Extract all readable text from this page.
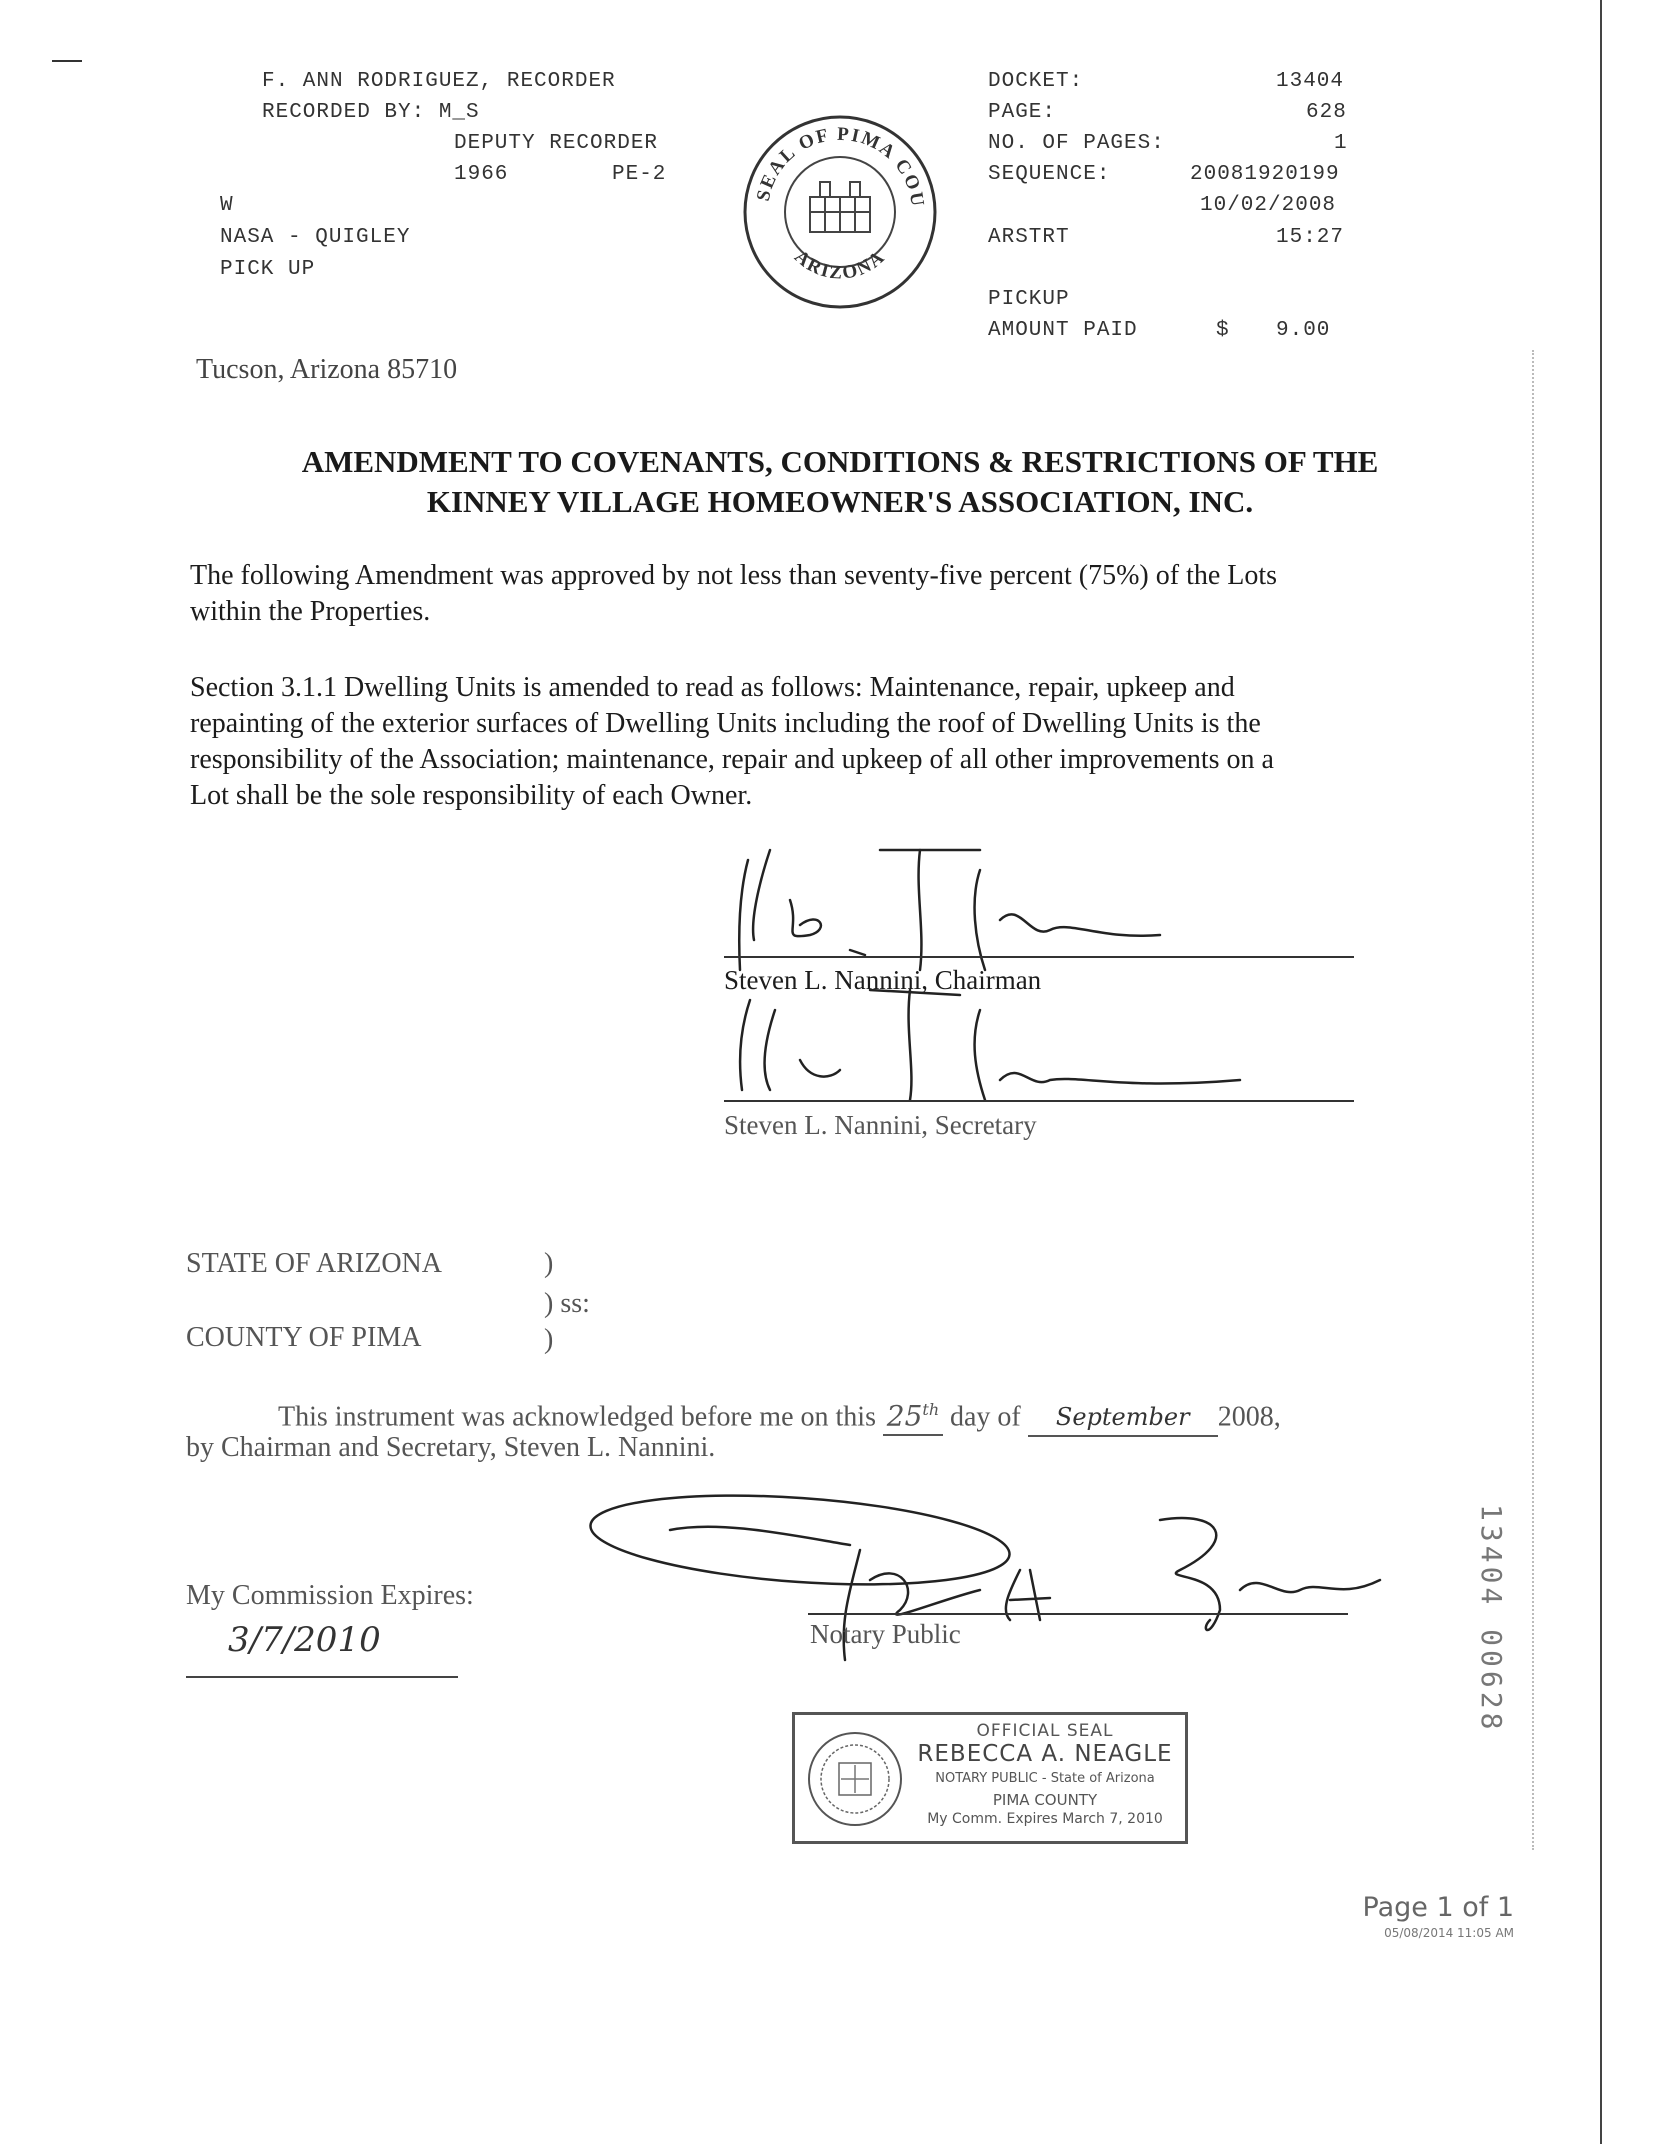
F. ANN RODRIGUEZ, RECORDER
RECORDED BY: M_S
DEPUTY RECORDER
1966	PE-2
W
NASA - QUIGLEY
PICK UP
THE SEAL OF PIMA COUNTY
ARIZONA
DOCKET:	13404
PAGE:	628
NO. OF PAGES:	1
SEQUENCE:	20081920199
10/02/2008
ARSTRT	15:27
PICKUP
AMOUNT PAID	$ 9.00
Tucson, Arizona 85710
AMENDMENT TO COVENANTS, CONDITIONS & RESTRICTIONS OF THE
KINNEY VILLAGE HOMEOWNER'S ASSOCIATION, INC.
The following Amendment was approved by not less than seventy-five percent (75%) of the Lots
within the Properties.
Section 3.1.1 Dwelling Units is amended to read as follows: Maintenance, repair, upkeep and
repainting of the exterior surfaces of Dwelling Units including the roof of Dwelling Units is the
responsibility of the Association; maintenance, repair and upkeep of all other improvements on a
Lot shall be the sole responsibility of each Owner.
Steven L. Nannini, Chairman
Steven L. Nannini, Secretary
STATE OF ARIZONA	)
) ss:
COUNTY OF PIMA	)
This instrument was acknowledged before me on this 25th day of September 2008,
by Chairman and Secretary, Steven L. Nannini.
Notary Public
My Commission Expires:
3/7/2010
OFFICIAL SEAL
REBECCA A. NEAGLE
NOTARY PUBLIC - State of Arizona
PIMA COUNTY
My Comm. Expires March 7, 2010
13404 00628
Page 1 of 1
05/08/2014 11:05 AM
